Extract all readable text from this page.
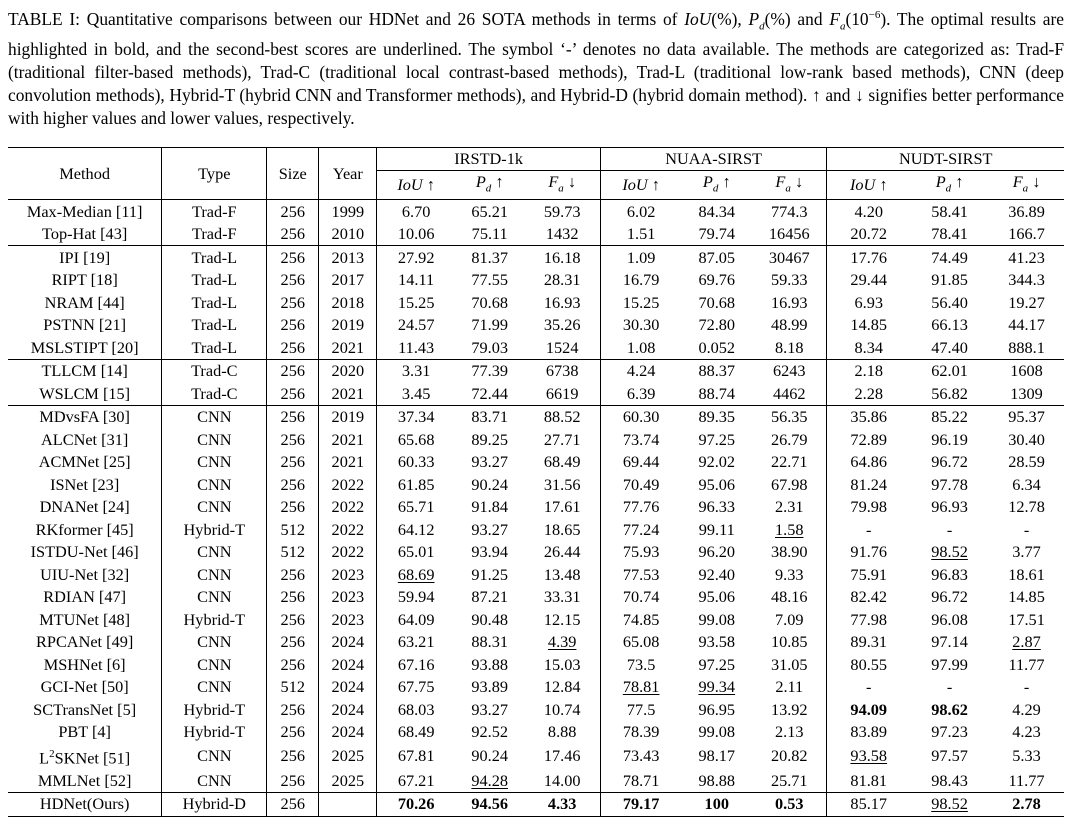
TABLE I: Quantitative comparisons between our HDNet and 26 SOTA methods in terms of IoU(%), $P_d(\%)$ and $F_a(10^{-6})$. The optimal results are highlighted in bold, and the second-best scores are underlined. The symbol ‘-’ denotes no data available. The methods are categorized as: Trad-F (traditional filter-based methods), Trad-C (traditional local contrast-based methods), Trad-L (traditional low-rank based methods), CNN (deep convolution methods), Hybrid-T (hybrid CNN and Transformer methods), and Hybrid-D (hybrid domain method). ↑ and ↓ signifies better performance with higher values and lower values, respectively.
Method	Type	Size	Year	IRSTD-1k			NUAA-SIRST			NUDT-SIRST		
				IoU ↑	$P_d$ ↑	$F_a$ ↓	IoU ↑	$P_d$ ↑	$F_a$ ↓	IoU ↑	$P_d$ ↑	$F_a$ ↓
Max-Median [11]	Trad-F	256	1999	6.70	65.21	59.73	6.02	84.34	774.3	4.20	58.41	36.89
Top-Hat [43]	Trad-F	256	2010	10.06	75.11	1432	1.51	79.74	16456	20.72	78.41	166.7
IPI [19]	Trad-L	256	2013	27.92	81.37	16.18	1.09	87.05	30467	17.76	74.49	41.23
RIPT [18]	Trad-L	256	2017	14.11	77.55	28.31	16.79	69.76	59.33	29.44	91.85	344.3
NRAM [44]	Trad-L	256	2018	15.25	70.68	16.93	15.25	70.68	16.93	6.93	56.40	19.27
PSTNN [21]	Trad-L	256	2019	24.57	71.99	35.26	30.30	72.80	48.99	14.85	66.13	44.17
MSLSTIPT [20]	Trad-L	256	2021	11.43	79.03	1524	1.08	0.052	8.18	8.34	47.40	888.1
TLLCM [14]	Trad-C	256	2020	3.31	77.39	6738	4.24	88.37	6243	2.18	62.01	1608
WSLCM [15]	Trad-C	256	2021	3.45	72.44	6619	6.39	88.74	4462	2.28	56.82	1309
MDvsFA [30]	CNN	256	2019	37.34	83.71	88.52	60.30	89.35	56.35	35.86	85.22	95.37
ALCNet [31]	CNN	256	2021	65.68	89.25	27.71	73.74	97.25	26.79	72.89	96.19	30.40
ACMNet [25]	CNN	256	2021	60.33	93.27	68.49	69.44	92.02	22.71	64.86	96.72	28.59
ISNet [23]	CNN	256	2022	61.85	90.24	31.56	70.49	95.06	67.98	81.24	97.78	6.34
DNANet [24]	CNN	256	2022	65.71	91.84	17.61	77.76	96.33	2.31	79.98	96.93	12.78
RKformer [45]	Hybrid-T	512	2022	64.12	93.27	18.65	77.24	99.11	1.58	-	-	-
ISTDU-Net [46]	CNN	512	2022	65.01	93.94	26.44	75.93	96.20	38.90	91.76	98.52	3.77
UIU-Net [32]	CNN	256	2023	68.69	91.25	13.48	77.53	92.40	9.33	75.91	96.83	18.61
RDIAN [47]	CNN	256	2023	59.94	87.21	33.31	70.74	95.06	48.16	82.42	96.72	14.85
MTUNet [48]	Hybrid-T	256	2023	64.09	90.48	12.15	74.85	99.08	7.09	77.98	96.08	17.51
RPCANet [49]	CNN	256	2024	63.21	88.31	4.39	65.08	93.58	10.85	89.31	97.14	2.87
MSHNet [6]	CNN	256	2024	67.16	93.88	15.03	73.5	97.25	31.05	80.55	97.99	11.77
GCI-Net [50]	CNN	512	2024	67.75	93.89	12.84	78.81	99.34	2.11	-	-	-
SCTransNet [5]	Hybrid-T	256	2024	68.03	93.27	10.74	77.5	96.95	13.92	94.09	98.62	4.29
PBT [4]	Hybrid-T	256	2024	68.49	92.52	8.88	78.39	99.08	2.13	83.89	97.23	4.23
$L^2SKNet$ [51]	CNN	256	2025	67.81	90.24	17.46	73.43	98.17	20.82	93.58	97.57	5.33
MMLNet [52]	CNN	256	2025	67.21	94.28	14.00	78.71	98.88	25.71	81.81	98.43	11.77
HDNet(Ours)	Hybrid-D	256		70.26	94.56	4.33	79.17	100	0.53	85.17	98.52	2.78
